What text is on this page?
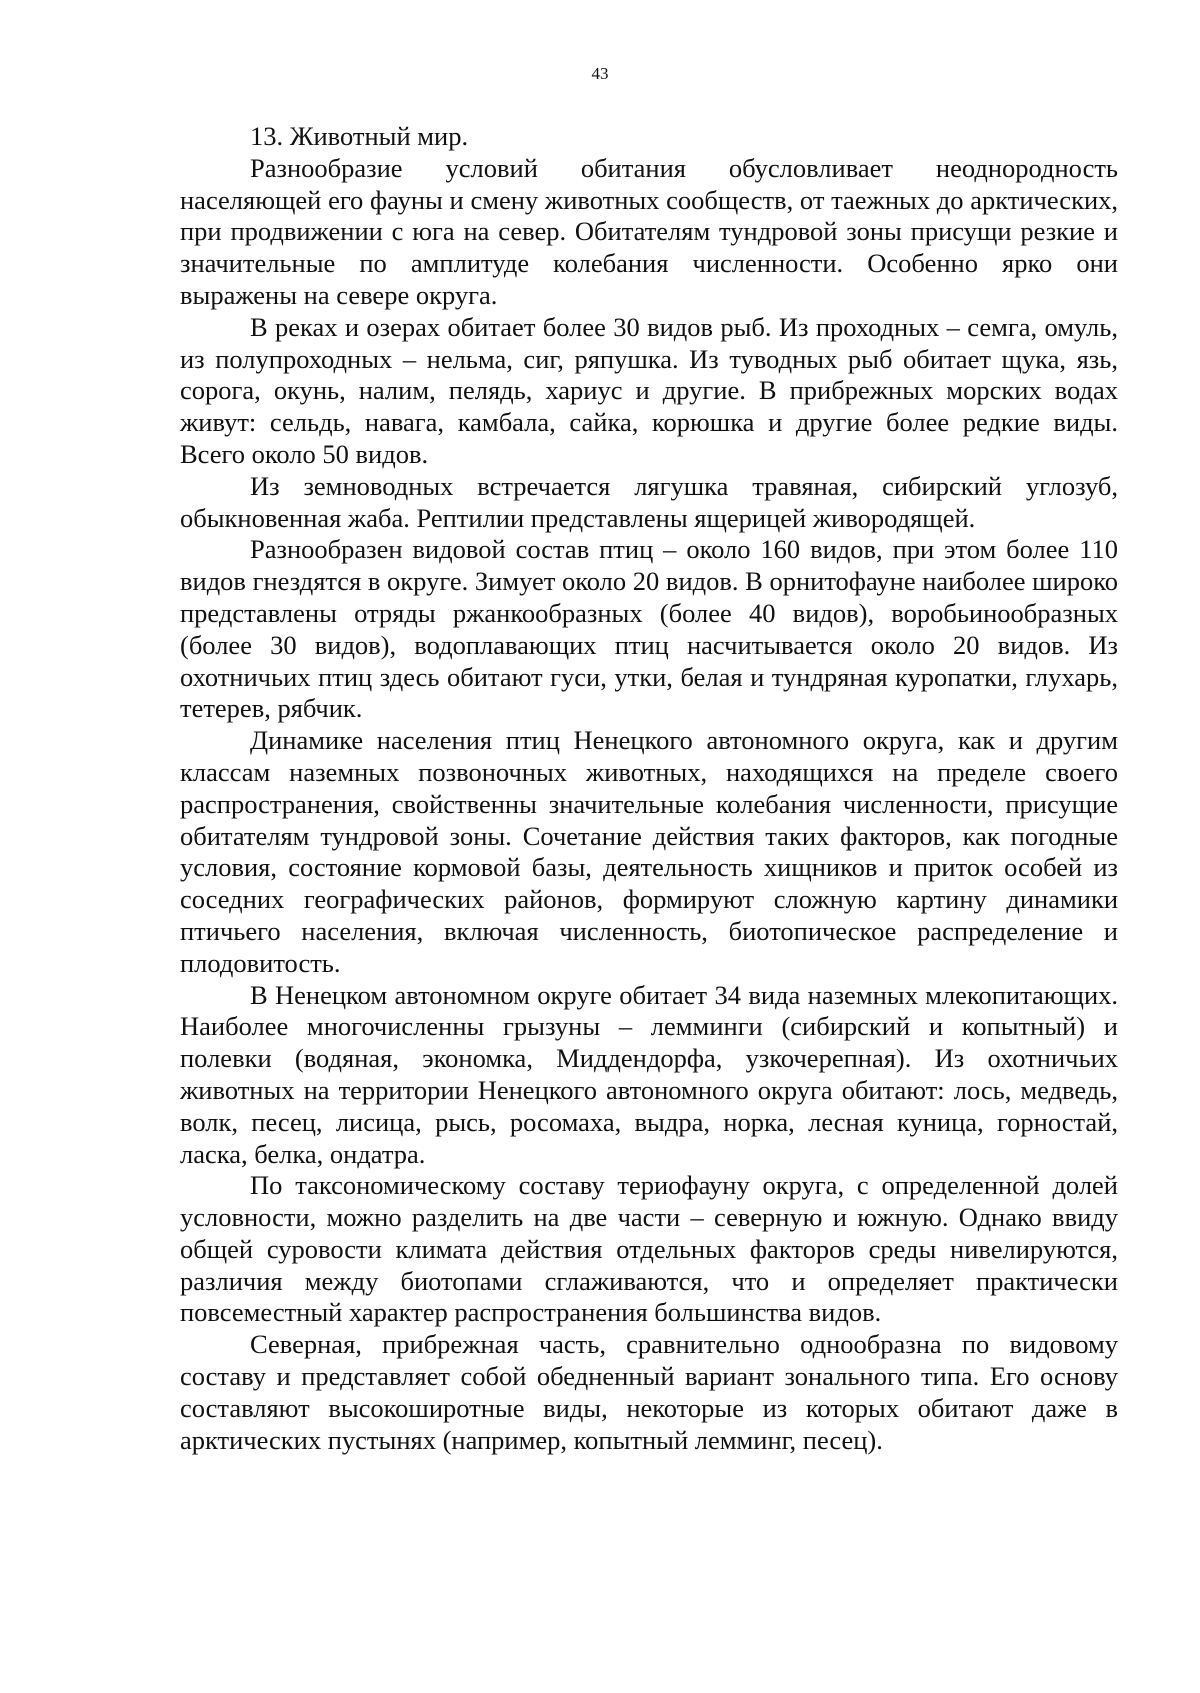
43
13. Животный мир.

Разнообразие условий обитания обусловливает неоднородность населяющей его фауны и смену животных сообществ, от таежных до арктических, при продвижении с юга на север. Обитателям тундровой зоны присущи резкие и значительные по амплитуде колебания численности. Особенно ярко они выражены на севере округа.

В реках и озерах обитает более 30 видов рыб. Из проходных – семга, омуль, из полупроходных – нельма, сиг, ряпушка. Из туводных рыб обитает щука, язь, сорога, окунь, налим, пелядь, хариус и другие. В прибрежных морских водах живут: сельдь, навага, камбала, сайка, корюшка и другие более редкие виды. Всего около 50 видов.

Из земноводных встречается лягушка травяная, сибирский углозуб, обыкновенная жаба. Рептилии представлены ящерицей живородящей.

Разнообразен видовой состав птиц – около 160 видов, при этом более 110 видов гнездятся в округе. Зимует около 20 видов. В орнитофауне наиболее широко представлены отряды ржанкообразных (более 40 видов), воробьинообразных (более 30 видов), водоплавающих птиц насчитывается около 20 видов. Из охотничьих птиц здесь обитают гуси, утки, белая и тундряная куропатки, глухарь, тетерев, рябчик.

Динамике населения птиц Ненецкого автономного округа, как и другим классам наземных позвоночных животных, находящихся на пределе своего распространения, свойственны значительные колебания численности, присущие обитателям тундровой зоны. Сочетание действия таких факторов, как погодные условия, состояние кормовой базы, деятельность хищников и приток особей из соседних географических районов, формируют сложную картину динамики птичьего населения, включая численность, биотопическое распределение и плодовитость.

В Ненецком автономном округе обитает 34 вида наземных млекопитающих. Наиболее многочисленны грызуны – лемминги (сибирский и копытный) и полевки (водяная, экономка, Миддендорфа, узкочерепная). Из охотничьих животных на территории Ненецкого автономного округа обитают: лось, медведь, волк, песец, лисица, рысь, росомаха, выдра, норка, лесная куница, горностай, ласка, белка, ондатра.

По таксономическому составу териофауну округа, с определенной долей условности, можно разделить на две части – северную и южную. Однако ввиду общей суровости климата действия отдельных факторов среды нивелируются, различия между биотопами сглаживаются, что и определяет практически повсеместный характер распространения большинства видов.

Северная, прибрежная часть, сравнительно однообразна по видовому составу и представляет собой обедненный вариант зонального типа. Его основу составляют высокоширотные виды, некоторые из которых обитают даже в арктических пустынях (например, копытный лемминг, песец).
